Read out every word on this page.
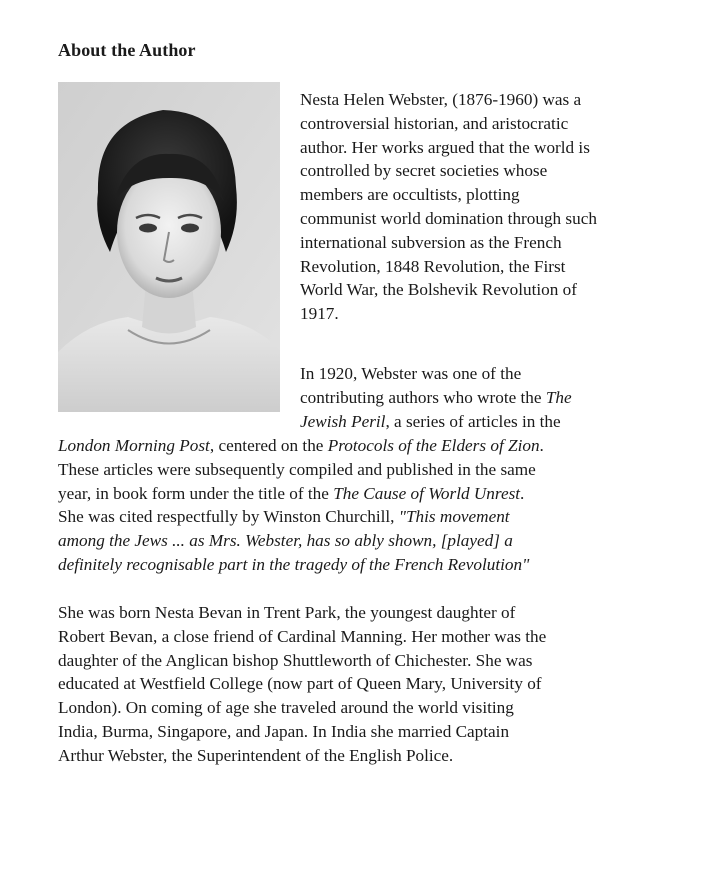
About the Author
Nesta Helen Webster, (1876-1960) was a
controversial historian, and aristocratic
author. Her works argued that the world is
controlled by secret societies whose
members are occultists, plotting
communist world domination through such
international subversion as the French
Revolution, 1848 Revolution, the First
World War, the Bolshevik Revolution of
1917.
In 1920, Webster was one of the
contributing authors who wrote the The
Jewish Peril, a series of articles in the
London Morning Post, centered on the Protocols of the Elders of Zion.
These articles were subsequently compiled and published in the same
year, in book form under the title of the The Cause of World Unrest.
She was cited respectfully by Winston Churchill, "This movement
among the Jews ... as Mrs. Webster, has so ably shown, [played] a
definitely recognisable part in the tragedy of the French Revolution"
She was born Nesta Bevan in Trent Park, the youngest daughter of
Robert Bevan, a close friend of Cardinal Manning. Her mother was the
daughter of the Anglican bishop Shuttleworth of Chichester. She was
educated at Westfield College (now part of Queen Mary, University of
London). On coming of age she traveled around the world visiting
India, Burma, Singapore, and Japan. In India she married Captain
Arthur Webster, the Superintendent of the English Police.
